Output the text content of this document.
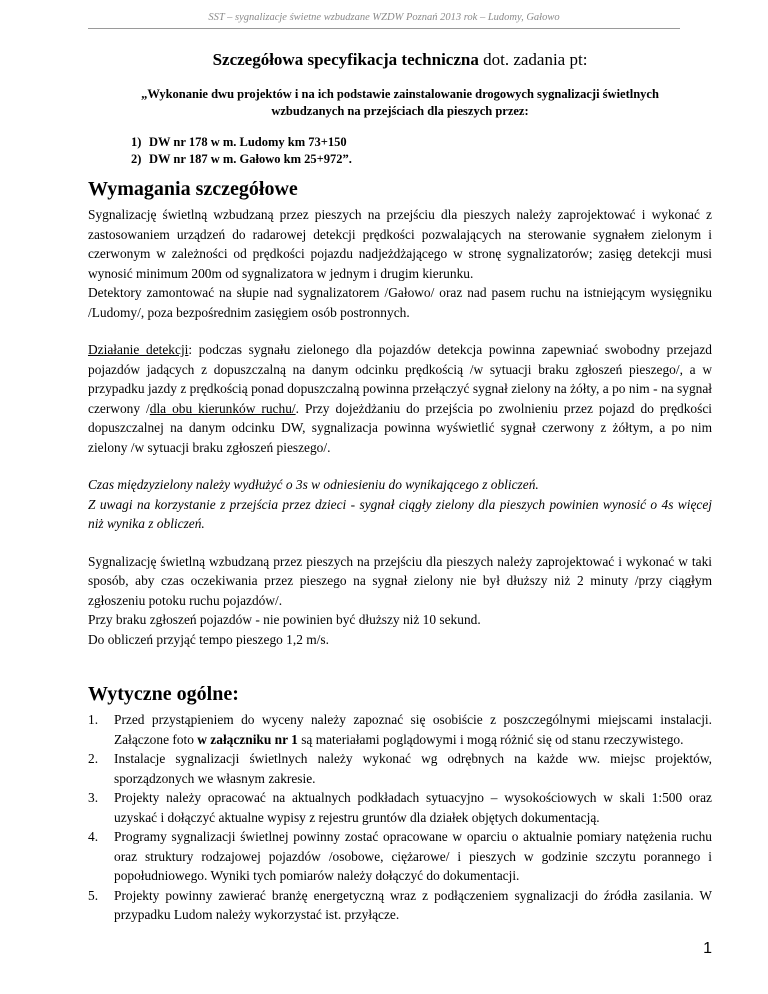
SST – sygnalizacje świetne wzbudzane WZDW Poznań 2013 rok – Ludomy, Gałowo
Szczegółowa specyfikacja techniczna dot. zadania pt:
„Wykonanie dwu projektów i na ich podstawie zainstalowanie drogowych sygnalizacji świetlnych
wzbudzanych na przejściach dla pieszych przez:
1) DW nr 178 w m. Ludomy km 73+150
2) DW nr 187 w m. Gałowo km 25+972”.
Wymagania szczegółowe

Sygnalizację świetlną wzbudzaną przez pieszych na przejściu dla pieszych należy zaprojektować i wykonać z zastosowaniem urządzeń do radarowej detekcji prędkości pozwalających na sterowanie sygnałem zielonym i czerwonym w zależności od prędkości pojazdu nadjeżdżającego w stronę sygnalizatorów; zasięg detekcji musi wynosić minimum 200m od sygnalizatora w jednym i drugim kierunku.

Detektory zamontować na słupie nad sygnalizatorem /Gałowo/ oraz nad pasem ruchu na istniejącym wysięgniku /Ludomy/, poza bezpośrednim zasięgiem osób postronnych.

Działanie detekcji: podczas sygnału zielonego dla pojazdów detekcja powinna zapewniać swobodny przejazd pojazdów jadących z dopuszczalną na danym odcinku prędkością /w sytuacji braku zgłoszeń pieszego/, a w przypadku jazdy z prędkością ponad dopuszczalną powinna przełączyć sygnał zielony na żółty, a po nim - na sygnał czerwony /dla obu kierunków ruchu/. Przy dojeżdżaniu do przejścia po zwolnieniu przez pojazd do prędkości dopuszczalnej na danym odcinku DW, sygnalizacja powinna wyświetlić sygnał czerwony z żółtym, a po nim zielony /w sytuacji braku zgłoszeń pieszego/.

Czas międzyzielony należy wydłużyć o 3s w odniesieniu do wynikającego z obliczeń.

Z uwagi na korzystanie z przejścia przez dzieci - sygnał ciągły zielony dla pieszych powinien wynosić o 4s więcej niż wynika z obliczeń.

Sygnalizację świetlną wzbudzaną przez pieszych na przejściu dla pieszych należy zaprojektować i wykonać w taki sposób, aby czas oczekiwania przez pieszego na sygnał zielony nie był dłuższy niż 2 minuty /przy ciągłym zgłoszeniu potoku ruchu pojazdów/.

Przy braku zgłoszeń pojazdów - nie powinien być dłuższy niż 10 sekund.

Do obliczeń przyjąć tempo pieszego 1,2 m/s.

Wytyczne ogólne:
1. Przed przystąpieniem do wyceny należy zapoznać się osobiście z poszczególnymi miejscami instalacji. Załączone foto w załączniku nr 1 są materiałami poglądowymi i mogą różnić się od stanu rzeczywistego.
2. Instalacje sygnalizacji świetlnych należy wykonać wg odrębnych na każde ww. miejsc projektów, sporządzonych we własnym zakresie.
3. Projekty należy opracować na aktualnych podkładach sytuacyjno – wysokościowych w skali 1:500 oraz uzyskać i dołączyć aktualne wypisy z rejestru gruntów dla działek objętych dokumentacją.
4. Programy sygnalizacji świetlnej powinny zostać opracowane w oparciu o aktualnie pomiary natężenia ruchu oraz struktury rodzajowej pojazdów /osobowe, ciężarowe/ i pieszych w godzinie szczytu porannego i popołudniowego. Wyniki tych pomiarów należy dołączyć do dokumentacji.
5. Projekty powinny zawierać branżę energetyczną wraz z podłączeniem sygnalizacji do źródła zasilania. W przypadku Ludom należy wykorzystać ist. przyłącze.
1
